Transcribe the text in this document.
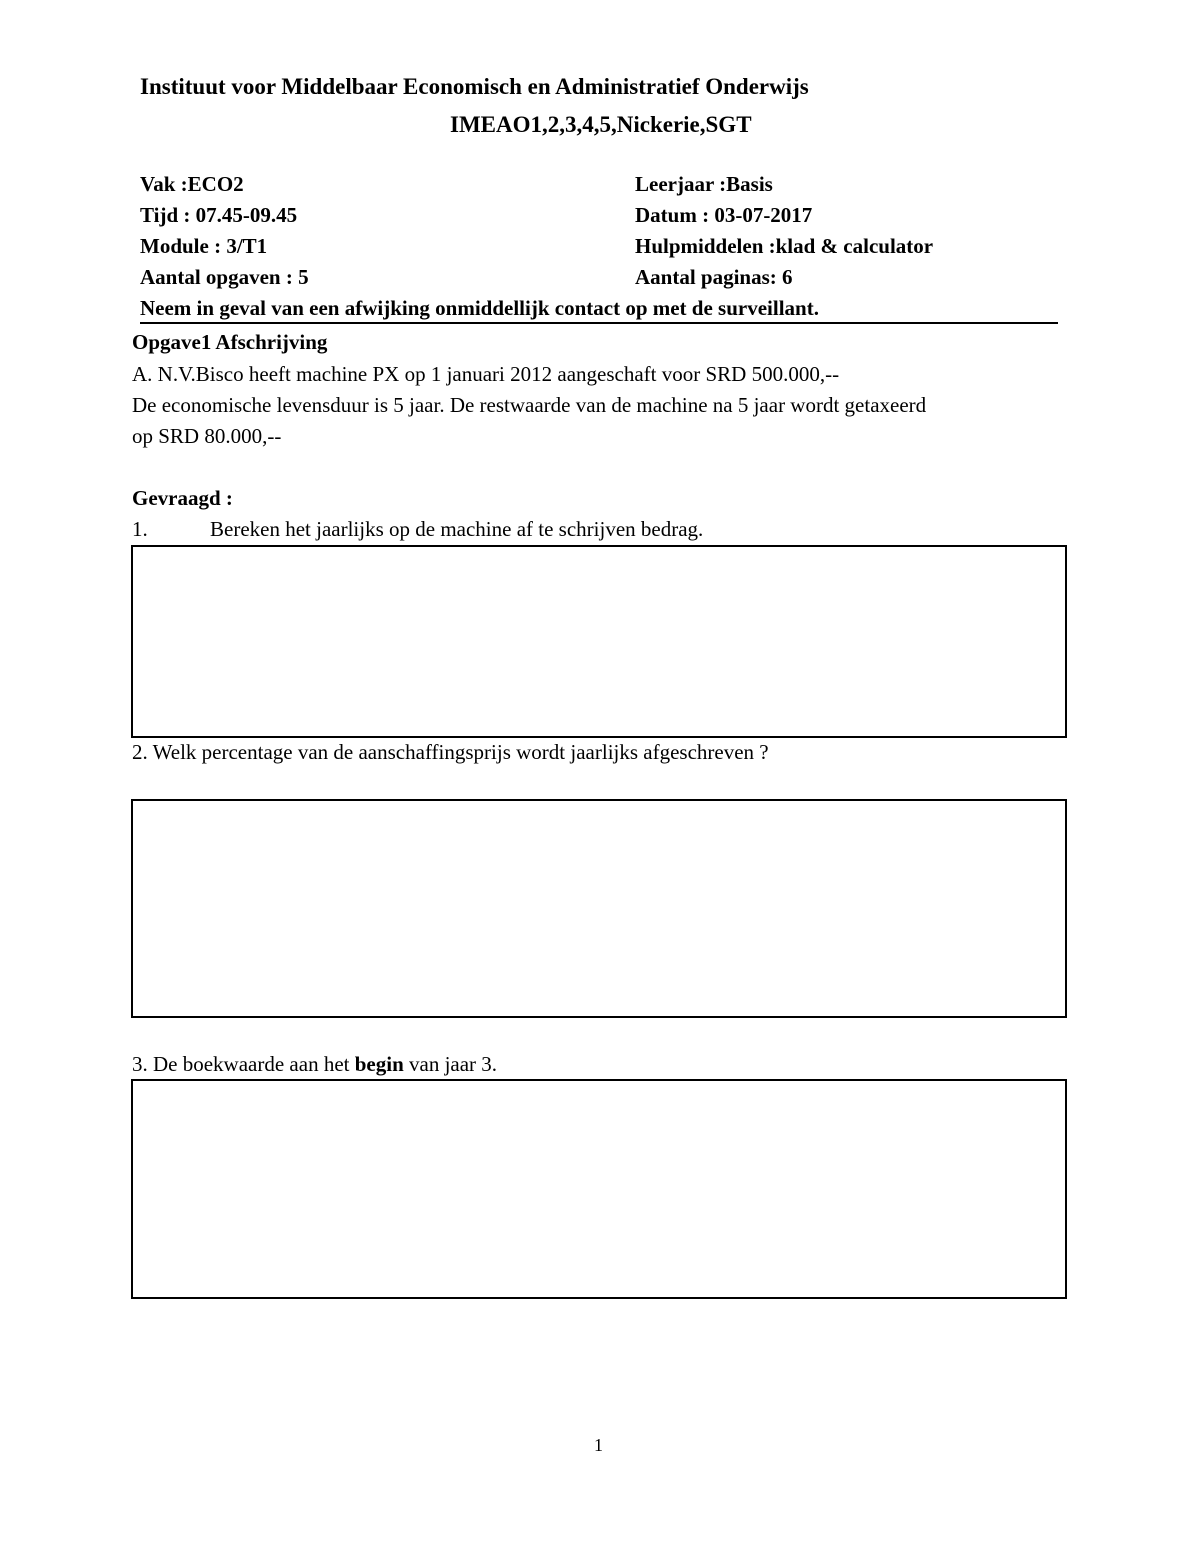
Instituut voor Middelbaar Economisch en Administratief Onderwijs
IMEAO1,2,3,4,5,Nickerie,SGT
Vak :ECO2
Tijd : 07.45-09.45
Module : 3/T1
Aantal opgaven : 5
Leerjaar :Basis
Datum : 03-07-2017
Hulpmiddelen :klad & calculator
Aantal paginas: 6
Neem in geval van een afwijking onmiddellijk contact op met de surveillant.
Opgave1 Afschrijving
A. N.V.Bisco heeft machine PX op 1 januari 2012 aangeschaft voor SRD 500.000,--
De economische levensduur is 5 jaar. De restwaarde van de machine na 5 jaar wordt getaxeerd
op SRD 80.000,--
Gevraagd :
1.	Bereken het jaarlijks op de machine af te schrijven bedrag.
2. Welk percentage van de aanschaffingsprijs wordt jaarlijks afgeschreven ?
3. De boekwaarde aan het begin van jaar 3.
1
